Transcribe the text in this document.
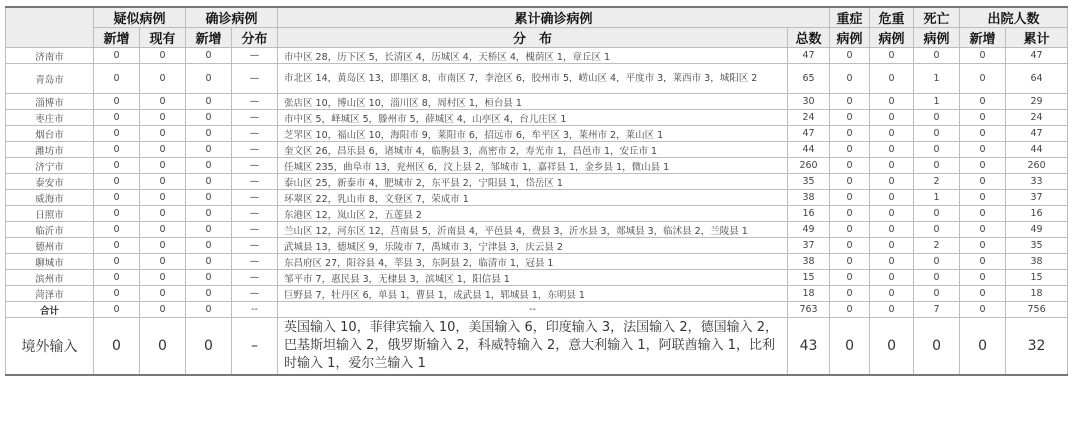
	疑似病例		确诊病例		累计确诊病例		重症	危重	死亡	出院人数	
	新增	现有	新增	分布	分　布	总数	病例	病例	病例	新增	累计
济南市	0	0	0	—	市中区 28，历下区 5，长清区 4，历城区 4，天桥区 4，槐荫区 1，章丘区 1	47	0	0	0	0	47
青岛市	0	0	0	—	市北区 14，黄岛区 13，即墨区 8，市南区 7，李沧区 6，胶州市 5，崂山区 4，平度市 3，莱西市 3，城阳区 2	65	0	0	1	0	64
淄博市	0	0	0	—	张店区 10，博山区 10，淄川区 8，周村区 1，桓台县 1	30	0	0	1	0	29
枣庄市	0	0	0	—	市中区 5，峄城区 5，滕州市 5，薛城区 4，山亭区 4，台儿庄区 1	24	0	0	0	0	24
烟台市	0	0	0	—	芝罘区 10，福山区 10，海阳市 9，莱阳市 6，招远市 6，牟平区 3，莱州市 2，莱山区 1	47	0	0	0	0	47
潍坊市	0	0	0	—	奎文区 26，昌乐县 6，诸城市 4，临朐县 3，高密市 2，寿光市 1，昌邑市 1，安丘市 1	44	0	0	0	0	44
济宁市	0	0	0	—	任城区 235，曲阜市 13，兖州区 6，汶上县 2，邹城市 1，嘉祥县 1，金乡县 1，微山县 1	260	0	0	0	0	260
泰安市	0	0	0	—	泰山区 25，新泰市 4，肥城市 2，东平县 2，宁阳县 1，岱岳区 1	35	0	0	2	0	33
威海市	0	0	0	—	环翠区 22，乳山市 8，文登区 7，荣成市 1	38	0	0	1	0	37
日照市	0	0	0	—	东港区 12，岚山区 2，五莲县 2	16	0	0	0	0	16
临沂市	0	0	0	—	兰山区 12，河东区 12，莒南县 5，沂南县 4，平邑县 4，费县 3，沂水县 3，郯城县 3，临沭县 2，兰陵县 1	49	0	0	0	0	49
德州市	0	0	0	—	武城县 13，德城区 9，乐陵市 7，禹城市 3，宁津县 3，庆云县 2	37	0	0	2	0	35
聊城市	0	0	0	—	东昌府区 27，阳谷县 4，莘县 3，东阿县 2，临清市 1，冠县 1	38	0	0	0	0	38
滨州市	0	0	0	—	邹平市 7，惠民县 3，无棣县 3，滨城区 1，阳信县 1	15	0	0	0	0	15
菏泽市	0	0	0	—	巨野县 7，牡丹区 6，单县 1，曹县 1，成武县 1，郓城县 1，东明县 1	18	0	0	0	0	18
合计	0	0	0	--	--	763	0	0	7	0	756
境外输入	0	0	0	–	英国输入 10，菲律宾输入 10，美国输入 6，印度输入 3，法国输入 2，德国输入 2，巴基斯坦输入 2，俄罗斯输入 2，科威特输入 2，意大利输入 1，阿联酋输入 1，比利时输入 1，爱尔兰输入 1	43	0	0	0	0	32
